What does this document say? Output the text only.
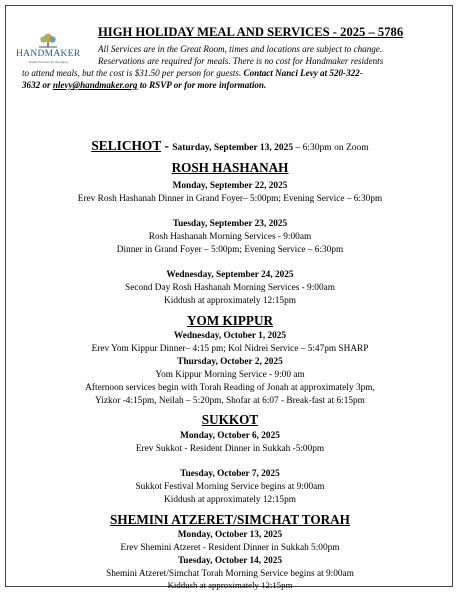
HANDMAKER
Jewish Services for the Aging
HIGH HOLIDAY MEAL AND SERVICES - 2025 – 5786

All Services are in the Great Room, times and locations are subject to change.

Reservations are required for meals. There is no cost for Handmaker residents

to attend meals, but the cost is $31.50 per person for guests. Contact Nanci Levy at 520-322-

3632 or nlevy@handmaker.org to RSVP or for more information.

SELICHOT - Saturday, September 13, 2025 – 6:30pm on Zoom

ROSH HASHANAH

Monday, September 22, 2025

Erev Rosh Hashanah Dinner in Grand Foyer– 5:00pm; Evening Service – 6:30pm

Tuesday, September 23, 2025

Rosh Hashanah Morning Services - 9:00am

Dinner in Grand Foyer – 5:00pm; Evening Service – 6:30pm

Wednesday, September 24, 2025

Second Day Rosh Hashanah Morning Services - 9:00am

Kiddush at approximately 12:15pm

YOM KIPPUR

Wednesday, October 1, 2025

Erev Yom Kippur Dinner– 4:15 pm; Kol Nidrei Service – 5:47pm SHARP

Thursday, October 2, 2025

Yom Kippur Morning Service - 9:00 am

Afternoon services begin with Torah Reading of Jonah at approximately 3pm,

Yizkor -4:15pm, Neilah – 5:20pm, Shofar at 6:07 - Break-fast at 6:15pm

SUKKOT

Monday, October 6, 2025

Erev Sukkot - Resident Dinner in Sukkah -5:00pm

Tuesday, October 7, 2025

Sukkot Festival Morning Service begins at 9:00am

Kiddush at approximately 12:15pm

SHEMINI ATZERET/SIMCHAT TORAH

Monday, October 13, 2025

Erev Shemini Atzeret - Resident Dinner in Sukkah 5:00pm

Tuesday, October 14, 2025

Shemini Atzeret/Simchat Torah Morning Service begins at 9:00am

Kiddush at approximately 12:15pm
